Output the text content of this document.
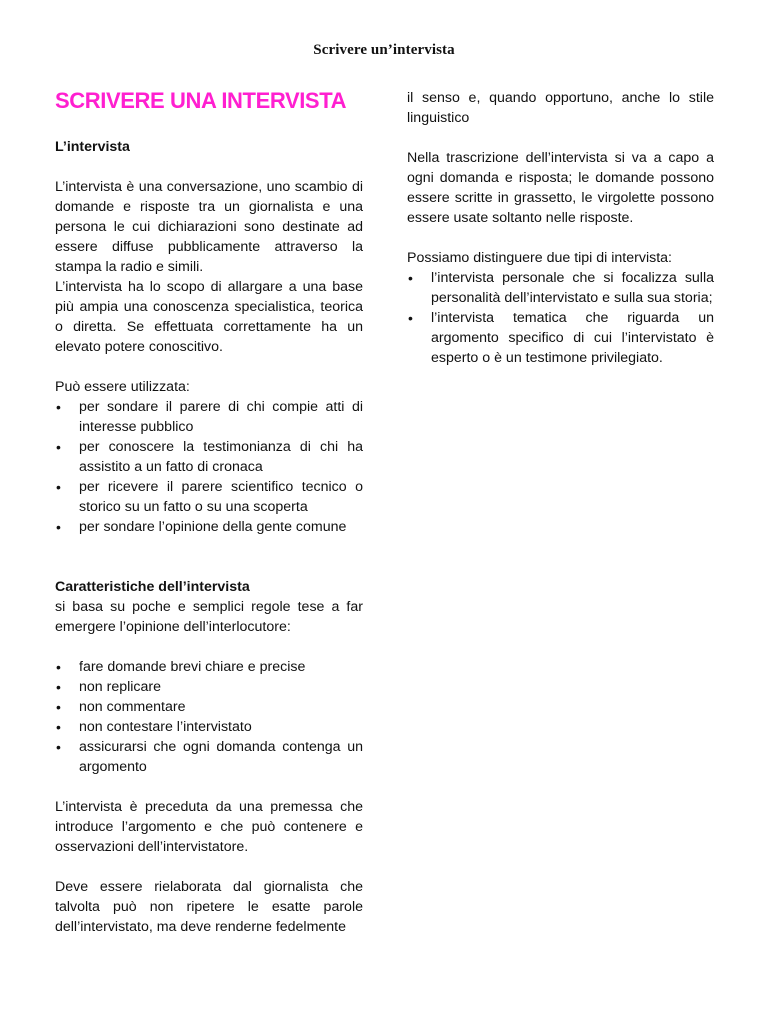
Scrivere un’intervista
SCRIVERE UNA INTERVISTA
L’intervista

L’intervista è una conversazione, uno scambio di domande e risposte tra un giornalista e una persona le cui dichiarazioni sono destinate ad essere diffuse pubblicamente attraverso la stampa la radio e simili.

L’intervista ha lo scopo di allargare a una base più ampia una conoscenza specialistica, teorica o diretta. Se effettuata correttamente ha un elevato potere conoscitivo.

Può essere utilizzata:

• per sondare il parere di chi compie atti di interesse pubblico
• per conoscere la testimonianza di chi ha assistito a un fatto di cronaca
• per ricevere il parere scientifico tecnico o storico su un fatto o su una scoperta
• per sondare l’opinione della gente comune
Caratteristiche dell’intervista

si basa su poche e semplici regole tese a far emergere l’opinione dell’interlocutore:

• fare domande brevi chiare e precise
• non replicare
• non commentare
• non contestare l’intervistato
• assicurarsi che ogni domanda contenga un argomento

L’intervista è preceduta da una premessa che introduce l’argomento e che può contenere e osservazioni dell’intervistatore.

Deve essere rielaborata dal giornalista che talvolta può non ripetere le esatte parole dell’intervistato, ma deve renderne fedelmente

il senso e, quando opportuno, anche lo stile linguistico

Nella trascrizione dell’intervista si va a capo a ogni domanda e risposta; le domande possono essere scritte in grassetto, le virgolette possono essere usate soltanto nelle risposte.

Possiamo distinguere due tipi di intervista:

• l’intervista personale che si focalizza sulla personalità dell’intervistato e sulla sua storia;
• l’intervista tematica che riguarda un argomento specifico di cui l’intervistato è esperto o è un testimone privilegiato.
